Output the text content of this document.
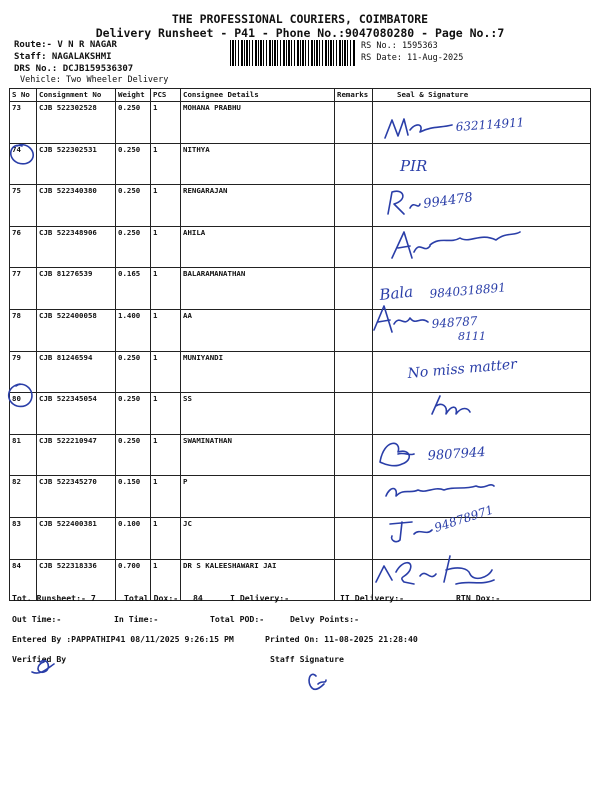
THE PROFESSIONAL COURIERS, COIMBATORE
Delivery Runsheet - P41 - Phone No.:9047080280 - Page No.:7
Route:- V N R NAGAR
Staff: NAGALAKSHMI
DRS No.: DCJB159536307
Vehicle: Two Wheeler Delivery
RS No.: 1595363
RS Date: 11-Aug-2025
S No	Consignment No	Weight	PCS	Consignee Details	Remarks	Seal & Signature
73	CJB 522302528	0.250	1	MOHANA PRABHU		
74	CJB 522302531	0.250	1	NITHYA		
75	CJB 522340380	0.250	1	RENGARAJAN		
76	CJB 522348906	0.250	1	AHILA		
77	CJB 81276539	0.165	1	BALARAMANATHAN		
78	CJB 522400058	1.400	1	AA		
79	CJB 81246594	0.250	1	MUNIYANDI		
80	CJB 522345054	0.250	1	SS		
81	CJB 522210947	0.250	1	SWAMINATHAN		
82	CJB 522345270	0.150	1	P		
83	CJB 522400381	0.100	1	JC		
84	CJB 522318336	0.700	1	DR S KALEESHAWARI JAI		
Tot. Runsheet:- 7	Total Dox:- 84	I Delivery:-	II Delivery:-	RTN Dox:-
Out Time:-	In Time:-	Total POD:-	Delvy Points:-
Entered By :PAPPATHIP41 08/11/2025 9:26:15 PM	Printed On: 11-08-2025 21:28:40
Verified By	Staff Signature
632114911
PIR
994478
Bala 9840318891
948787
8111
No miss matter
9807944
94878971
